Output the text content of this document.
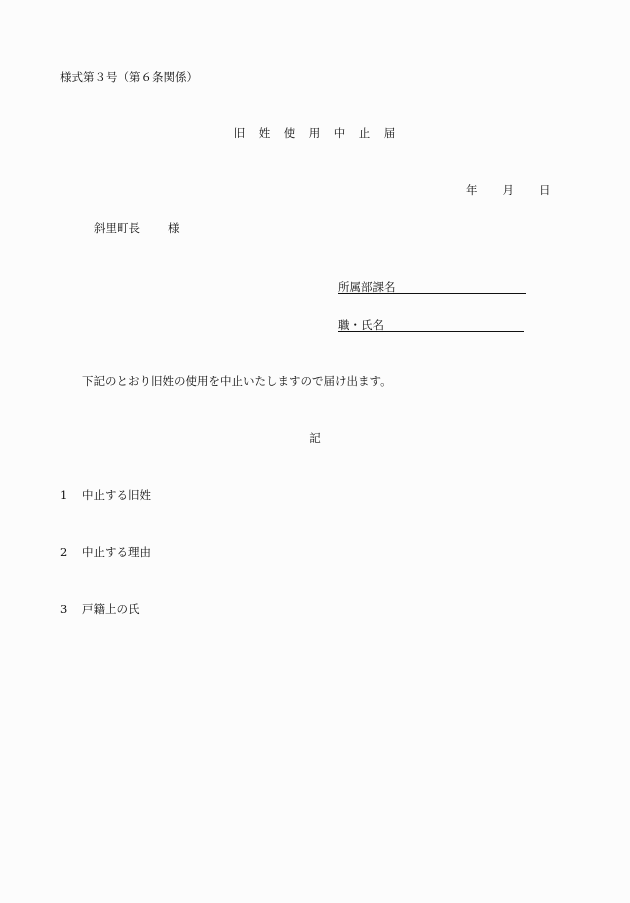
様式第３号（第６条関係）
旧　姓　使　用　中　止　届
年 月 日
斜里町長 様
所属部課名
職・氏名
下記のとおり旧姓の使用を中止いたしますので届け出ます。
記
1 中止する旧姓
2 中止する理由
3 戸籍上の氏
